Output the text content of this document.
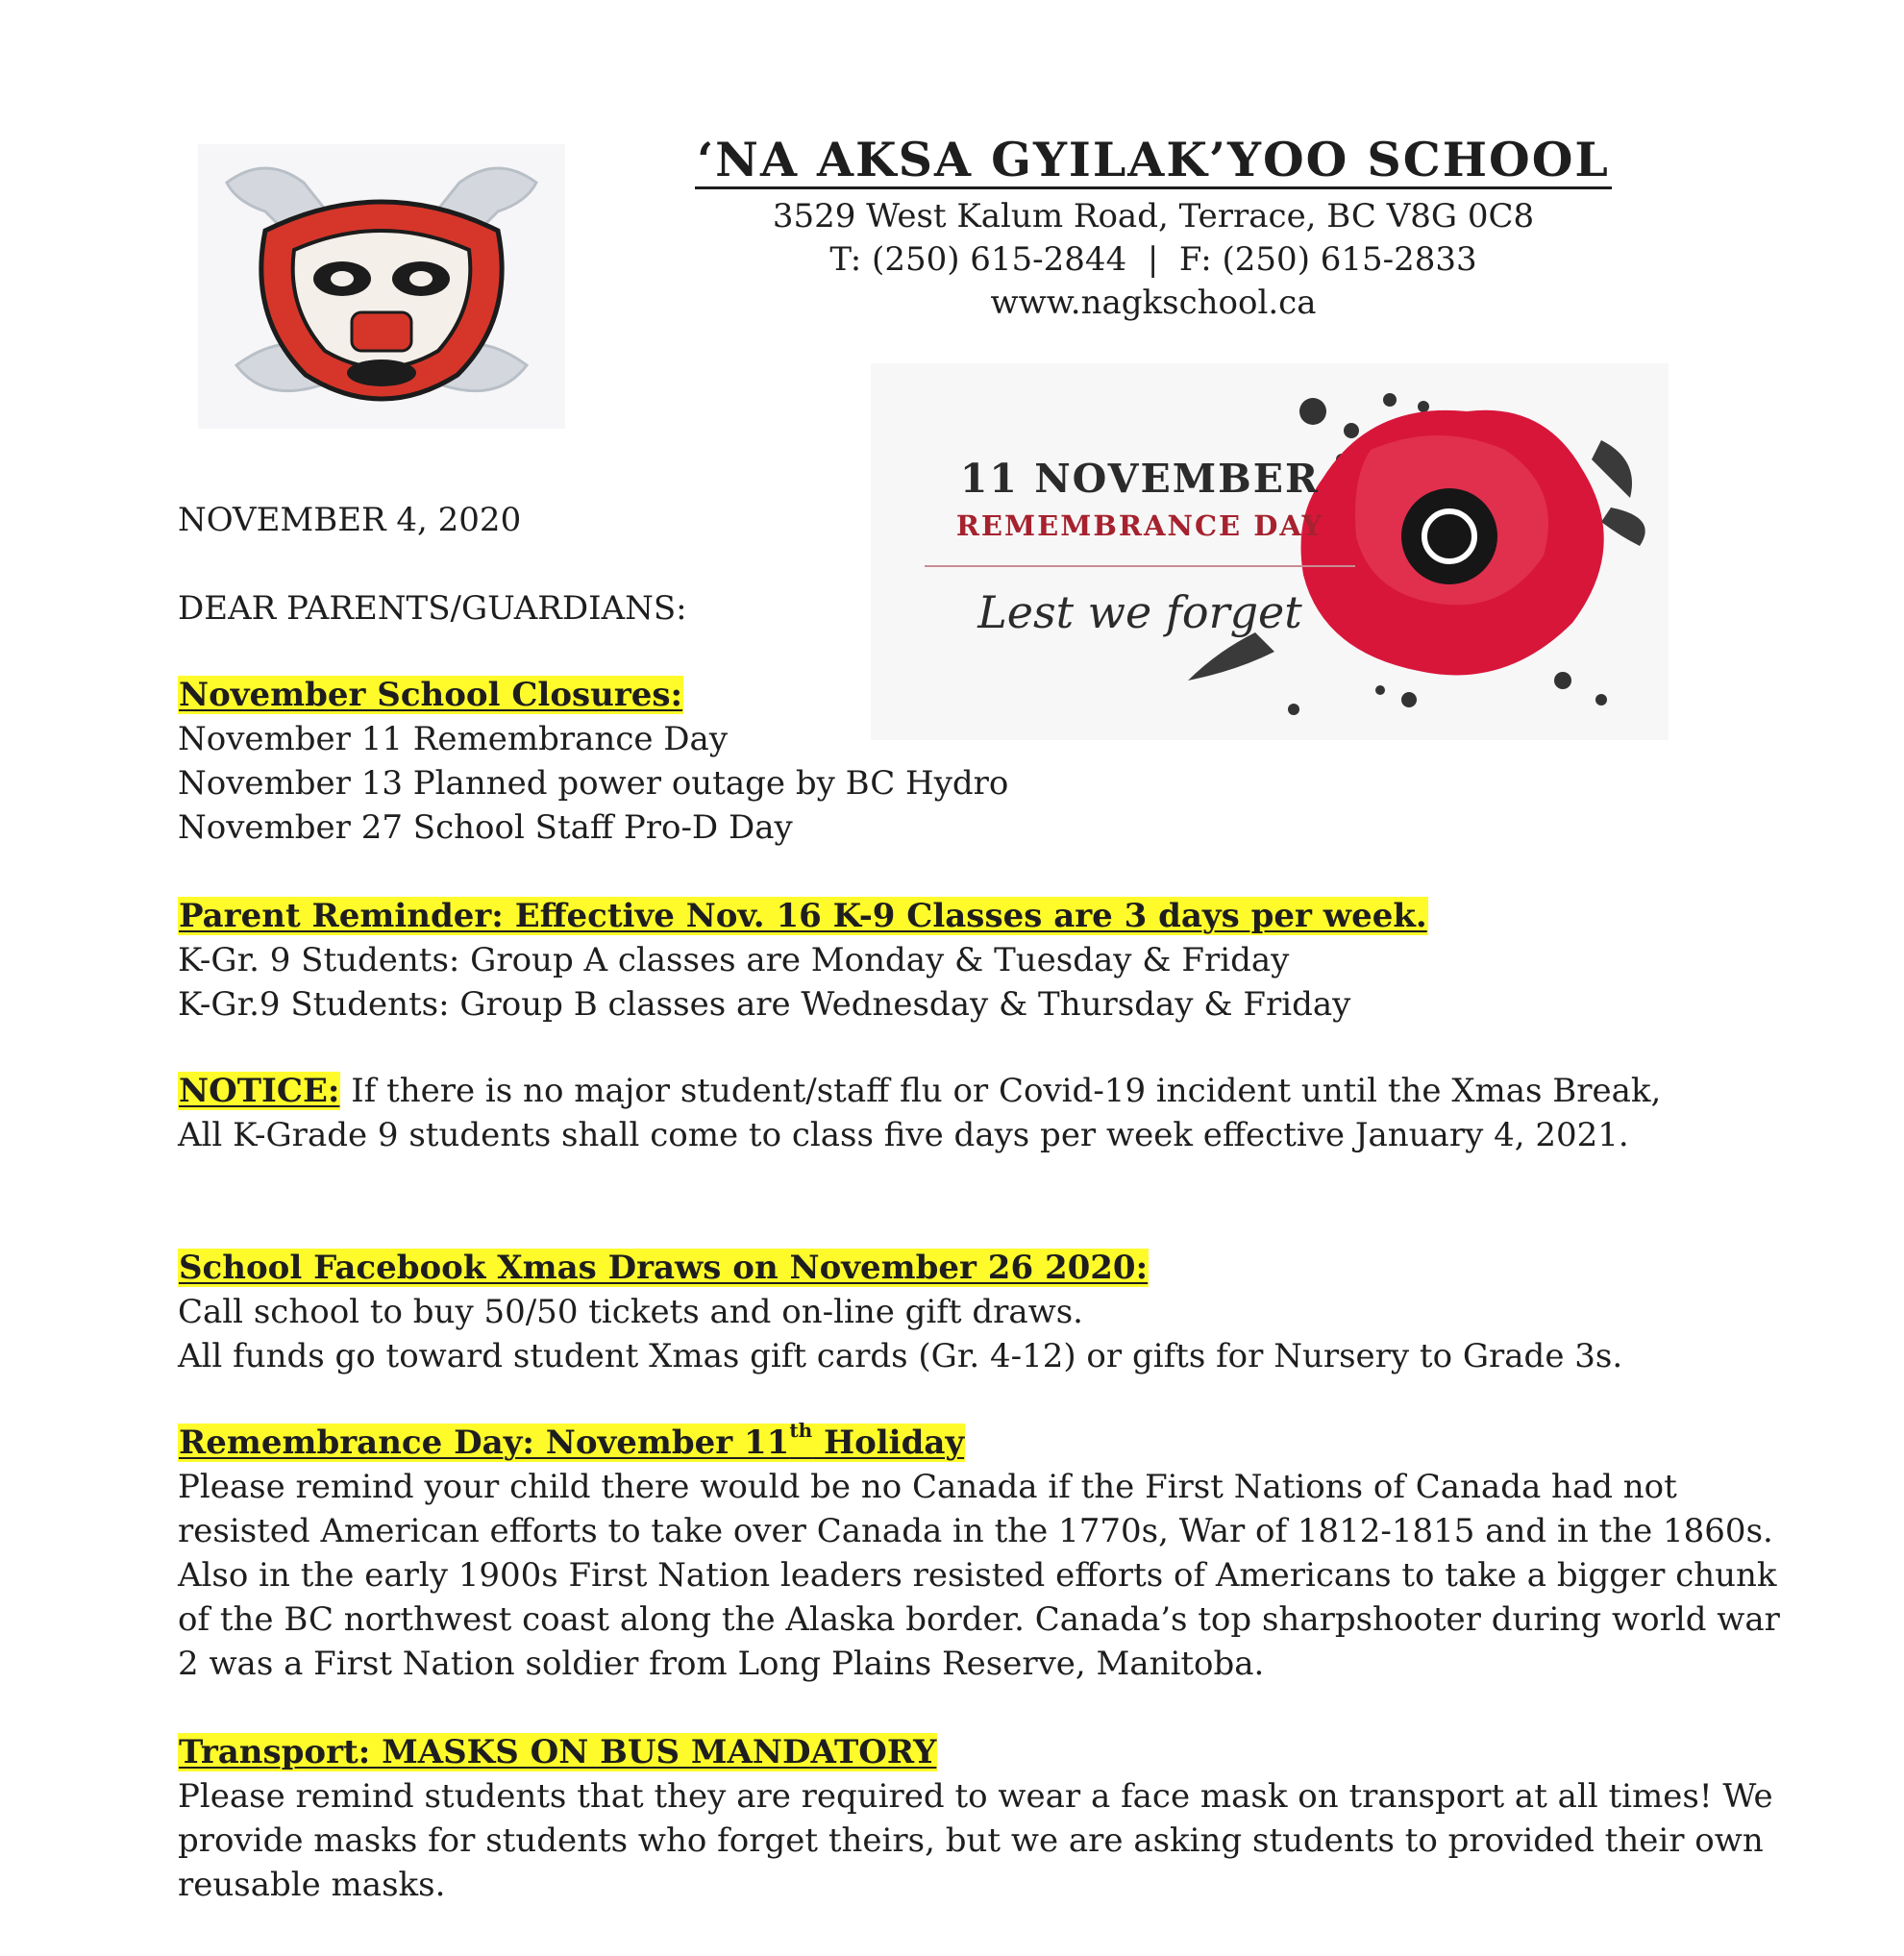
‘NA AKSA GYILAK’YOO SCHOOL
3529 West Kalum Road, Terrace, BC V8G 0C8
T: (250) 615-2844  |  F: (250) 615-2833
www.nagkschool.ca
11 NOVEMBER
REMEMBRANCE DAY
Lest we forget
NOVEMBER 4, 2020
DEAR PARENTS/GUARDIANS:
November School Closures:
November 11 Remembrance Day
November 13 Planned power outage by BC Hydro
November 27 School Staff Pro-D Day
Parent Reminder: Effective Nov. 16 K-9 Classes are 3 days per week.
K-Gr. 9 Students: Group A classes are Monday & Tuesday & Friday
K-Gr.9 Students: Group B classes are Wednesday & Thursday & Friday
NOTICE: If there is no major student/staff flu or Covid-19 incident until the Xmas Break,
All K-Grade 9 students shall come to class five days per week effective January 4, 2021.
School Facebook Xmas Draws on November 26 2020:
Call school to buy 50/50 tickets and on-line gift draws.
All funds go toward student Xmas gift cards (Gr. 4-12) or gifts for Nursery to Grade 3s.
Remembrance Day: November 11th Holiday
Please remind your child there would be no Canada if the First Nations of Canada had not
resisted American efforts to take over Canada in the 1770s, War of 1812-1815 and in the 1860s.
Also in the early 1900s First Nation leaders resisted efforts of Americans to take a bigger chunk
of the BC northwest coast along the Alaska border. Canada’s top sharpshooter during world war
2 was a First Nation soldier from Long Plains Reserve, Manitoba.
Transport: MASKS ON BUS MANDATORY
Please remind students that they are required to wear a face mask on transport at all times! We
provide masks for students who forget theirs, but we are asking students to provided their own
reusable masks.
